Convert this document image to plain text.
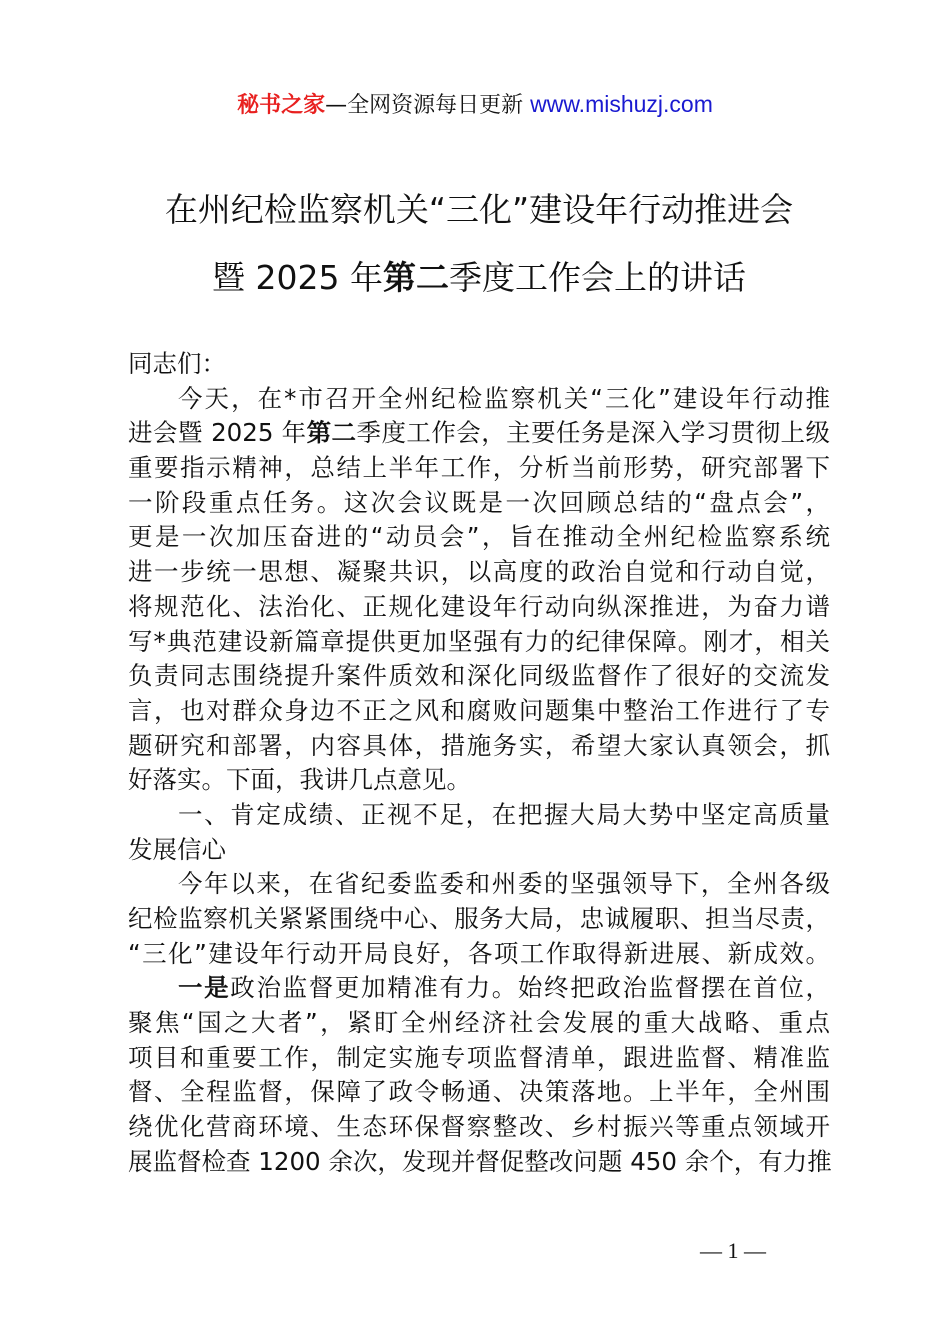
秘书之家—全网资源每日更新 www.mishuzj.com
在州纪检监察机关“三化”建设年行动推进会
暨 2025 年第二季度工作会上的讲话
同志们：
今天，在*市召开全州纪检监察机关“三化”建设年行动推
进会暨 2025 年第二季度工作会，主要任务是深入学习贯彻上级
重要指示精神，总结上半年工作，分析当前形势，研究部署下
一阶段重点任务。这次会议既是一次回顾总结的“盘点会”，
更是一次加压奋进的“动员会”，旨在推动全州纪检监察系统
进一步统一思想、凝聚共识，以高度的政治自觉和行动自觉，
将规范化、法治化、正规化建设年行动向纵深推进，为奋力谱
写*典范建设新篇章提供更加坚强有力的纪律保障。刚才，相关
负责同志围绕提升案件质效和深化同级监督作了很好的交流发
言，也对群众身边不正之风和腐败问题集中整治工作进行了专
题研究和部署，内容具体，措施务实，希望大家认真领会，抓
好落实。下面，我讲几点意见。
一、肯定成绩、正视不足，在把握大局大势中坚定高质量
发展信心
今年以来，在省纪委监委和州委的坚强领导下，全州各级
纪检监察机关紧紧围绕中心、服务大局，忠诚履职、担当尽责，
“三化”建设年行动开局良好，各项工作取得新进展、新成效。
一是政治监督更加精准有力。始终把政治监督摆在首位，
聚焦“国之大者”，紧盯全州经济社会发展的重大战略、重点
项目和重要工作，制定实施专项监督清单，跟进监督、精准监
督、全程监督，保障了政令畅通、决策落地。上半年，全州围
绕优化营商环境、生态环保督察整改、乡村振兴等重点领域开
展监督检查 1200 余次，发现并督促整改问题 450 余个，有力推
— 1 —
